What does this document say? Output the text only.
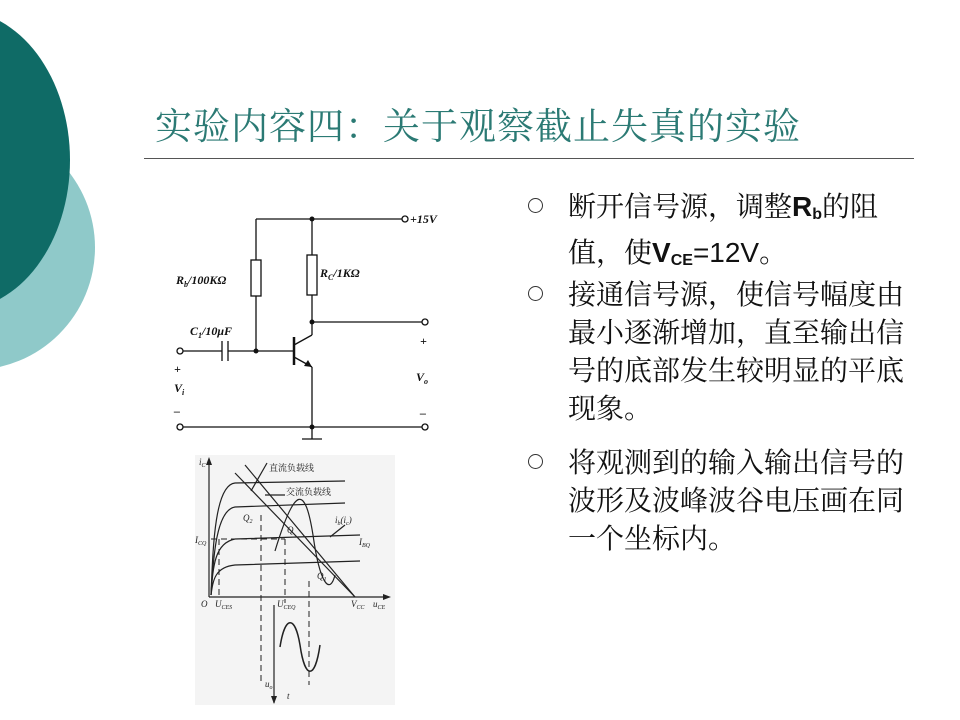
实验内容四：关于观察截止失真的实验
+15V
$R_b/100K\Omega$	$R_C/1K\Omega$
$C_1/10\mu F$
+
$V_i$
–
+
$V_o$
–
$i_C$	直流负载线
交流负载线
$Q_2$
Q
$Q_1$
$i_b(i_c)$
$I_{CQ}$	$I_{BQ}$
O $U_{CES}$	$U_{CEQ}$	$V_{CC}$ $u_{CE}$
$u_o$
t
断开信号源，调整Rb的阻值，使VCE=12V。
接通信号源，使信号幅度由最小逐渐增加，直至输出信号的底部发生较明显的平底现象。
将观测到的输入输出信号的波形及波峰波谷电压画在同一个坐标内。
